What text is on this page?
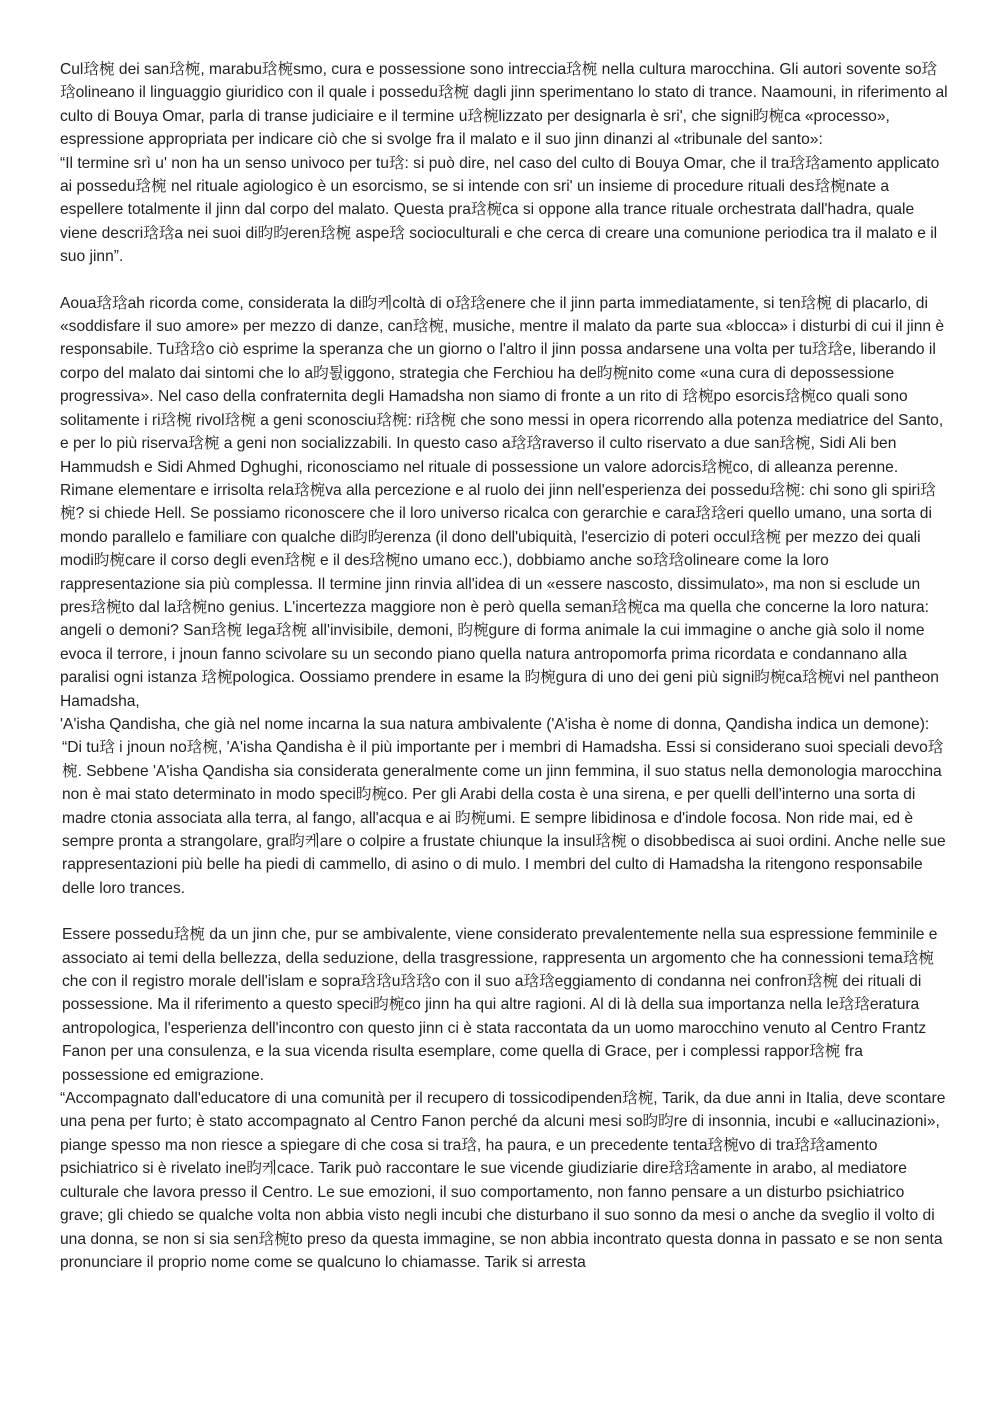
Cul琀椀 dei san琀椀, marabu琀椀smo, cura e possessione sono intreccia琀椀 nella cultura marocchina. Gli autori sovente so琀琀olineano il linguaggio giuridico con il quale i possedu琀椀 dagli jinn sperimentano lo stato di trance. Naamouni, in riferimento al culto di Bouya Omar, parla di transe judiciaire e il termine u琀椀lizzato per designarla è sri', che signi昀椀ca «processo», espressione appropriata per indicare ciò che si svolge fra il malato e il suo jinn dinanzi al «tribunale del santo»:

“Il termine srì u' non ha un senso univoco per tu琀: si può dire, nel caso del culto di Bouya Omar, che il tra琀琀amento applicato ai possedu琀椀 nel rituale agiologico è un esorcismo, se si intende con sri' un insieme di procedure rituali des琀椀nate a espellere totalmente il jinn dal corpo del malato. Questa pra琀椀ca si oppone alla trance rituale orchestrata dall'hadra, quale viene descri琀琀a nei suoi di昀昀eren琀椀 aspe琀 socioculturali e che cerca di creare una comunione periodica tra il malato e il suo jinn”.

Aoua琀琀ah ricorda come, considerata la di昀케coltà di o琀琀enere che il jinn parta immediatamente, si ten琀椀 di placarlo, di «soddisfare il suo amore» per mezzo di danze, can琀椀, musiche, mentre il malato da parte sua «blocca» i disturbi di cui il jinn è responsabile. Tu琀琀o ciò esprime la speranza che un giorno o l'altro il jinn possa andarsene una volta per tu琀琀e, liberando il corpo del malato dai sintomi che lo a昀툀iggono, strategia che Ferchiou ha de昀椀nito come «una cura di depossessione progressiva». Nel caso della confraternita degli Hamadsha non siamo di fronte a un rito di 琀椀po esorcis琀椀co quali sono solitamente i ri琀椀 rivol琀椀 a geni sconosciu琀椀: ri琀椀 che sono messi in opera ricorrendo alla potenza mediatrice del Santo, e per lo più riserva琀椀 a geni non socializzabili. In questo caso a琀琀raverso il culto riservato a due san琀椀, Sidi Ali ben Hammudsh e Sidi Ahmed Dghughi, riconosciamo nel rituale di possessione un valore adorcis琀椀co, di alleanza perenne. Rimane elementare e irrisolta rela琀椀va alla percezione e al ruolo dei jinn nell'esperienza dei possedu琀椀: chi sono gli spiri琀椀? si chiede Hell. Se possiamo riconoscere che il loro universo ricalca con gerarchie e cara琀琀eri quello umano, una sorta di mondo parallelo e familiare con qualche di昀昀erenza (il dono dell'ubiquità, l'esercizio di poteri occul琀椀 per mezzo dei quali modi昀椀care il corso degli even琀椀 e il des琀椀no umano ecc.), dobbiamo anche so琀琀olineare come la loro rappresentazione sia più complessa. Il termine jinn rinvia all'idea di un «essere nascosto, dissimulato», ma non si esclude un pres琀椀to dal la琀椀no genius. L'incertezza maggiore non è però quella seman琀椀ca ma quella che concerne la loro natura: angeli o demoni? San琀椀 lega琀椀 all'invisibile, demoni, 昀椀gure di forma animale la cui immagine o anche già solo il nome evoca il terrore, i jnoun fanno scivolare su un secondo piano quella natura antropomorfa prima ricordata e condannano alla paralisi ogni istanza 琀椀pologica. Oossiamo prendere in esame la 昀椀gura di uno dei geni più signi昀椀ca琀椀vi nel pantheon Hamadsha,

'A'isha Qandisha, che già nel nome incarna la sua natura ambivalente ('A'isha è nome di donna, Qandisha indica un demone):

“Di tu琀 i jnoun no琀椀, 'A'isha Qandisha è il più importante per i membri di Hamadsha. Essi si considerano suoi speciali devo琀椀. Sebbene 'A'isha Qandisha sia considerata generalmente come un jinn femmina, il suo status nella demonologia marocchina non è mai stato determinato in modo speci昀椀co. Per gli Arabi della costa è una sirena, e per quelli dell'interno una sorta di madre ctonia associata alla terra, al fango, all'acqua e ai 昀椀umi. E sempre libidinosa e d'indole focosa. Non ride mai, ed è sempre pronta a strangolare, gra昀케are o colpire a frustate chiunque la insul琀椀 o disobbedisca ai suoi ordini. Anche nelle sue rappresentazioni più belle ha piedi di cammello, di asino o di mulo. I membri del culto di Hamadsha la ritengono responsabile delle loro trances.

Essere possedu琀椀 da un jinn che, pur se ambivalente, viene considerato prevalentemente nella sua espressione femminile e associato ai temi della bellezza, della seduzione, della trasgressione, rappresenta un argomento che ha connessioni tema琀椀che con il registro morale dell'islam e sopra琀琀u琀琀o con il suo a琀琀eggiamento di condanna nei confron琀椀 dei rituali di possessione. Ma il riferimento a questo speci昀椀co jinn ha qui altre ragioni. Al di là della sua importanza nella le琀琀eratura antropologica, l'esperienza dell'incontro con questo jinn ci è stata raccontata da un uomo marocchino venuto al Centro Frantz Fanon per una consulenza, e la sua vicenda risulta esemplare, come quella di Grace, per i complessi rappor琀椀 fra possessione ed emigrazione.

“Accompagnato dall'educatore di una comunità per il recupero di tossicodipenden琀椀, Tarik, da due anni in Italia, deve scontare una pena per furto; è stato accompagnato al Centro Fanon perché da alcuni mesi so昀昀re di insonnia, incubi e «allucinazioni», piange spesso ma non riesce a spiegare di che cosa si tra琀, ha paura, e un precedente tenta琀椀vo di tra琀琀amento psichiatrico si è rivelato ine昀케cace. Tarik può raccontare le sue vicende giudiziarie dire琀琀amente in arabo, al mediatore culturale che lavora presso il Centro. Le sue emozioni, il suo comportamento, non fanno pensare a un disturbo psichiatrico grave; gli chiedo se qualche volta non abbia visto negli incubi che disturbano il suo sonno da mesi o anche da sveglio il volto di una donna, se non si sia sen琀椀to preso da questa immagine, se non abbia incontrato questa donna in passato e se non senta pronunciare il proprio nome come se qualcuno lo chiamasse. Tarik si arresta
